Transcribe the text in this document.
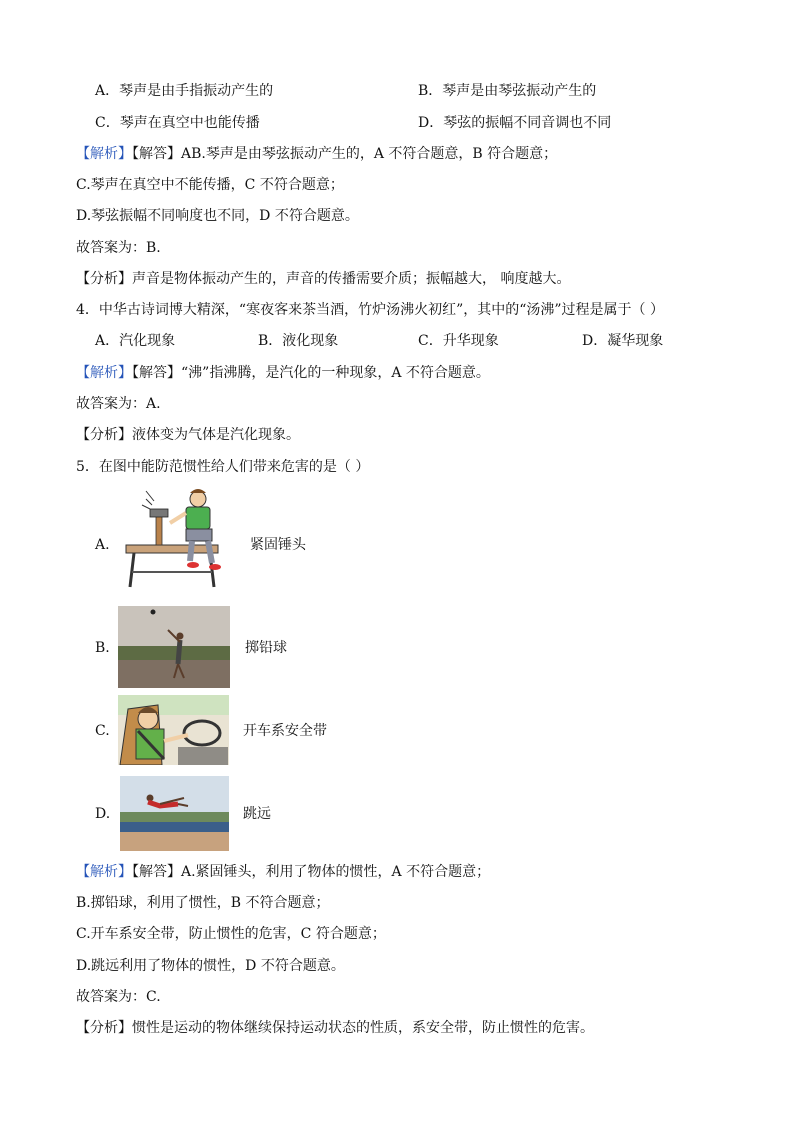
A．琴声是由手指振动产生的	B．琴声是由琴弦振动产生的
C．琴声在真空中也能传播	D．琴弦的振幅不同音调也不同
【解析】【解答】AB.琴声是由琴弦振动产生的，A 不符合题意，B 符合题意；
C.琴声在真空中不能传播，C 不符合题意；
D.琴弦振幅不同响度也不同，D 不符合题意。
故答案为：B.
【分析】声音是物体振动产生的，声音的传播需要介质；振幅越大， 响度越大。
4．中华古诗词博大精深，“寒夜客来茶当酒，竹炉汤沸火初红”，其中的“汤沸”过程是属于（ ）
A．汽化现象	B．液化现象	C．升华现象	D．凝华现象
【解析】【解答】“沸”指沸腾，是汽化的一种现象，A 不符合题意。
故答案为：A.
【分析】液体变为气体是汽化现象。
5．在图中能防范惯性给人们带来危害的是（ ）
A.	紧固锤头
B.	掷铅球
C.	开车系安全带
D.	跳远
【解析】【解答】A.紧固锤头，利用了物体的惯性，A 不符合题意；
B.掷铅球，利用了惯性，B 不符合题意；
C.开车系安全带，防止惯性的危害，C 符合题意；
D.跳远利用了物体的惯性，D 不符合题意。
故答案为：C.
【分析】惯性是运动的物体继续保持运动状态的性质，系安全带，防止惯性的危害。
